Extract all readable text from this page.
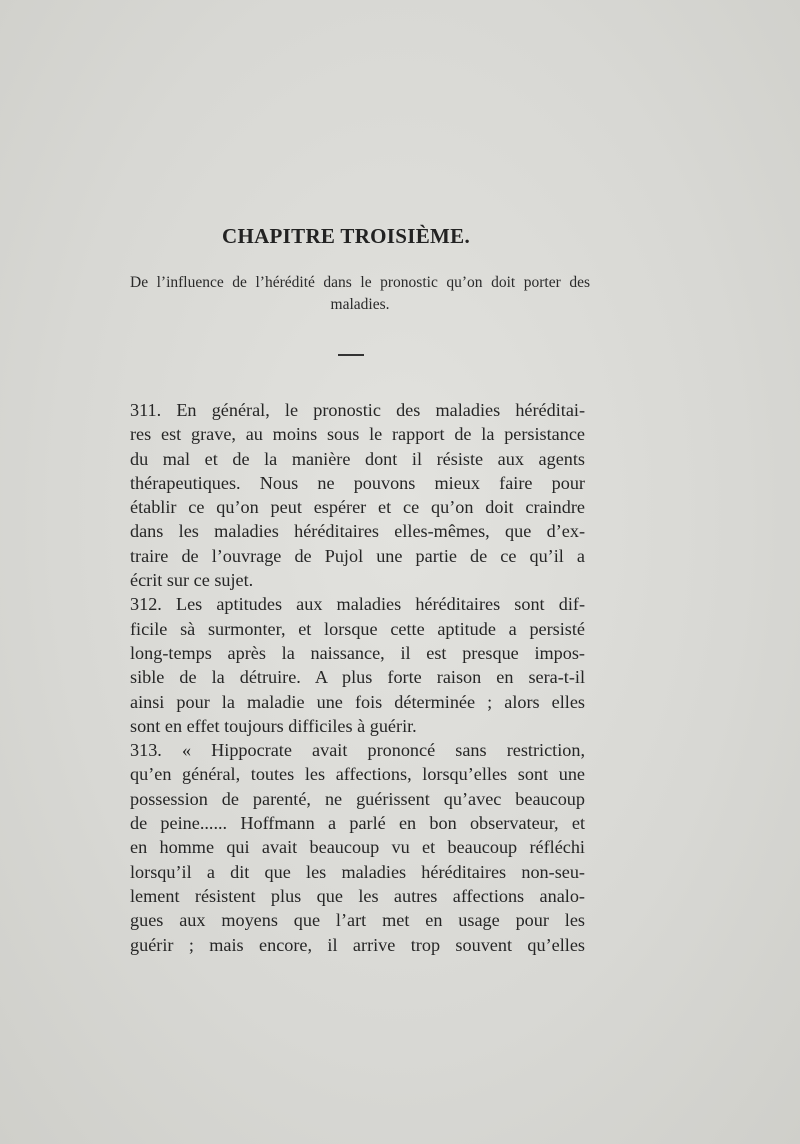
CHAPITRE TROISIÈME.

De l’influence de l’hérédité dans le pronostic qu’on doit porter des maladies.

311. En général, le pronostic des maladies héréditai-
res est grave, au moins sous le rapport de la persistance
du mal et de la manière dont il résiste aux agents
thérapeutiques. Nous ne pouvons mieux faire pour
établir ce qu’on peut espérer et ce qu’on doit craindre
dans les maladies héréditaires elles-mêmes, que d’ex-
traire de l’ouvrage de Pujol une partie de ce qu’il a
écrit sur ce sujet.
312. Les aptitudes aux maladies héréditaires sont dif-
ficile sà surmonter, et lorsque cette aptitude a persisté
long-temps après la naissance, il est presque impos-
sible de la détruire. A plus forte raison en sera-t-il
ainsi pour la maladie une fois déterminée ; alors elles
sont en effet toujours difficiles à guérir.
313. « Hippocrate avait prononcé sans restriction,
qu’en général, toutes les affections, lorsqu’elles sont une
possession de parenté, ne guérissent qu’avec beaucoup
de peine...... Hoffmann a parlé en bon observateur, et
en homme qui avait beaucoup vu et beaucoup réfléchi
lorsqu’il a dit que les maladies héréditaires non-seu-
lement résistent plus que les autres affections analo-
gues aux moyens que l’art met en usage pour les
guérir ; mais encore, il arrive trop souvent qu’elles
